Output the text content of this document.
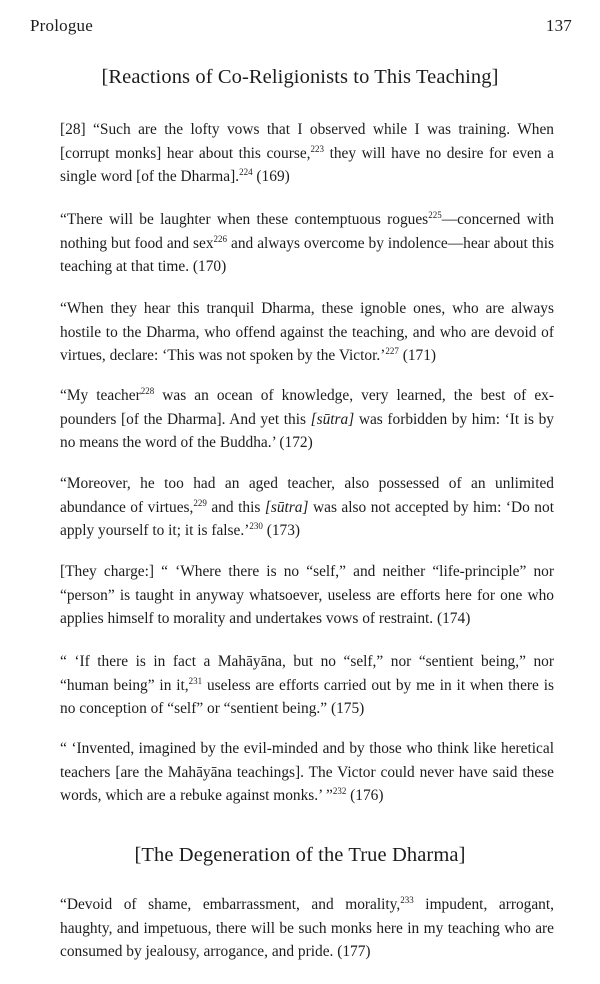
Prologue	137
[Reactions of Co-Religionists to This Teaching]

[28] “Such are the lofty vows that I observed while I was training. When [corrupt monks] hear about this course,$^{223}$ they will have no desire for even a single word [of the Dharma].$^{224}$ (169)

“There will be laughter when these contemptuous rogues$^{225}$—concerned with nothing but food and sex$^{226}$ and always overcome by indolence—hear about this teaching at that time. (170)

“When they hear this tranquil Dharma, these ignoble ones, who are always hostile to the Dharma, who offend against the teaching, and who are devoid of virtues, declare: ‘This was not spoken by the Victor.’$^{227}$ (171)

“My teacher$^{228}$ was an ocean of knowledge, very learned, the best of expounders [of the Dharma]. And yet this [sūtra] was forbidden by him: ‘It is by no means the word of the Buddha.’ (172)

“Moreover, he too had an aged teacher, also possessed of an unlimited abundance of virtues,$^{229}$ and this [sūtra] was also not accepted by him: ‘Do not apply yourself to it; it is false.’$^{230}$ (173)

[They charge:] “ ‘Where there is no “self,” and neither “life-principle” nor “person” is taught in anyway whatsoever, useless are efforts here for one who applies himself to morality and undertakes vows of restraint. (174)

“ ‘If there is in fact a Mahāyāna, but no “self,” nor “sentient being,” nor “human being” in it,$^{231}$ useless are efforts carried out by me in it when there is no conception of “self” or “sentient being.” (175)

“ ‘Invented, imagined by the evil-minded and by those who think like heretical teachers [are the Mahāyāna teachings]. The Victor could never have said these words, which are a rebuke against monks.’ ”$^{232}$ (176)

[The Degeneration of the True Dharma]

“Devoid of shame, embarrassment, and morality,$^{233}$ impudent, arrogant, haughty, and impetuous, there will be such monks here in my teaching who are consumed by jealousy, arrogance, and pride. (177)
